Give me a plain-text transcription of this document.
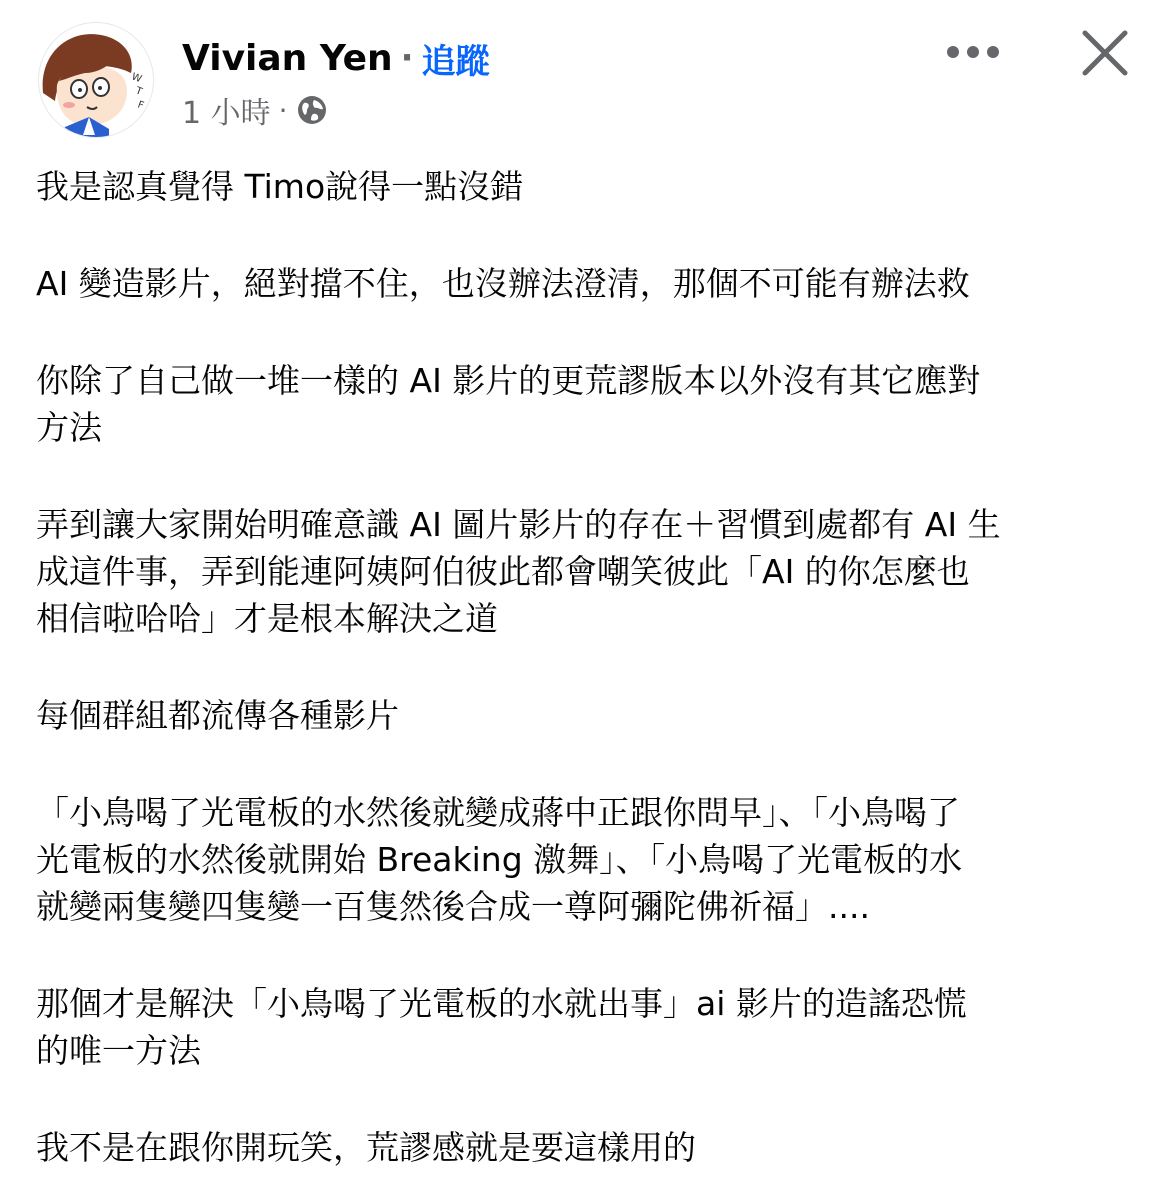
W
T
F
Vivian Yen · 追蹤
1 小時 ·

我是認真覺得 Timo說得一點沒錯

AI 變造影片，絕對擋不住，也沒辦法澄清，那個不可能有辦法救

你除了自己做一堆一樣的 AI 影片的更荒謬版本以外沒有其它應對
方法

弄到讓大家開始明確意識 AI 圖片影片的存在＋習慣到處都有 AI 生
成這件事，弄到能連阿姨阿伯彼此都會嘲笑彼此「AI 的你怎麼也
相信啦哈哈」才是根本解決之道

每個群組都流傳各種影片

「小鳥喝了光電板的水然後就變成蔣中正跟你問早」、「小鳥喝了
光電板的水然後就開始 Breaking 激舞」、「小鳥喝了光電板的水
就變兩隻變四隻變一百隻然後合成一尊阿彌陀佛祈福」....

那個才是解決「小鳥喝了光電板的水就出事」ai 影片的造謠恐慌
的唯一方法

我不是在跟你開玩笑，荒謬感就是要這樣用的
